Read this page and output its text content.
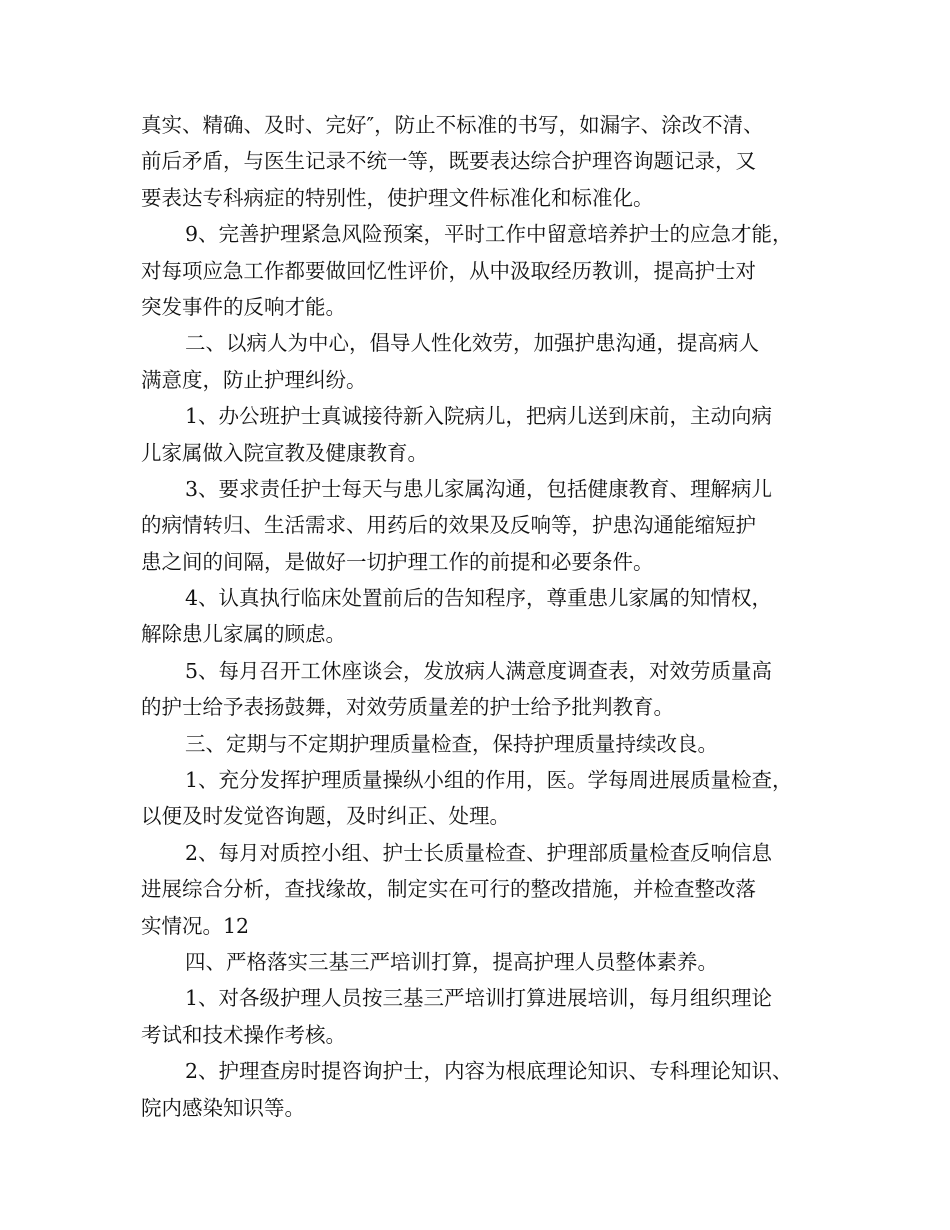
真实、精确、及时、完好″，防止不标准的书写，如漏字、涂改不清、
前后矛盾，与医生记录不统一等，既要表达综合护理咨询题记录，又
要表达专科病症的特别性，使护理文件标准化和标准化。
9、完善护理紧急风险预案，平时工作中留意培养护士的应急才能，
对每项应急工作都要做回忆性评价，从中汲取经历教训，提高护士对
突发事件的反响才能。
二、以病人为中心，倡导人性化效劳，加强护患沟通，提高病人
满意度，防止护理纠纷。
1、办公班护士真诚接待新入院病儿，把病儿送到床前，主动向病
儿家属做入院宣教及健康教育。
3、要求责任护士每天与患儿家属沟通，包括健康教育、理解病儿
的病情转归、生活需求、用药后的效果及反响等，护患沟通能缩短护
患之间的间隔，是做好一切护理工作的前提和必要条件。
4、认真执行临床处置前后的告知程序，尊重患儿家属的知情权，
解除患儿家属的顾虑。
5、每月召开工休座谈会，发放病人满意度调查表，对效劳质量高
的护士给予表扬鼓舞，对效劳质量差的护士给予批判教育。
三、定期与不定期护理质量检查，保持护理质量持续改良。
1、充分发挥护理质量操纵小组的作用，医。学每周进展质量检查，
以便及时发觉咨询题，及时纠正、处理。
2、每月对质控小组、护士长质量检查、护理部质量检查反响信息
进展综合分析，查找缘故，制定实在可行的整改措施，并检查整改落
实情况。12
四、严格落实三基三严培训打算，提高护理人员整体素养。
1、对各级护理人员按三基三严培训打算进展培训，每月组织理论
考试和技术操作考核。
2、护理查房时提咨询护士，内容为根底理论知识、专科理论知识、
院内感染知识等。
